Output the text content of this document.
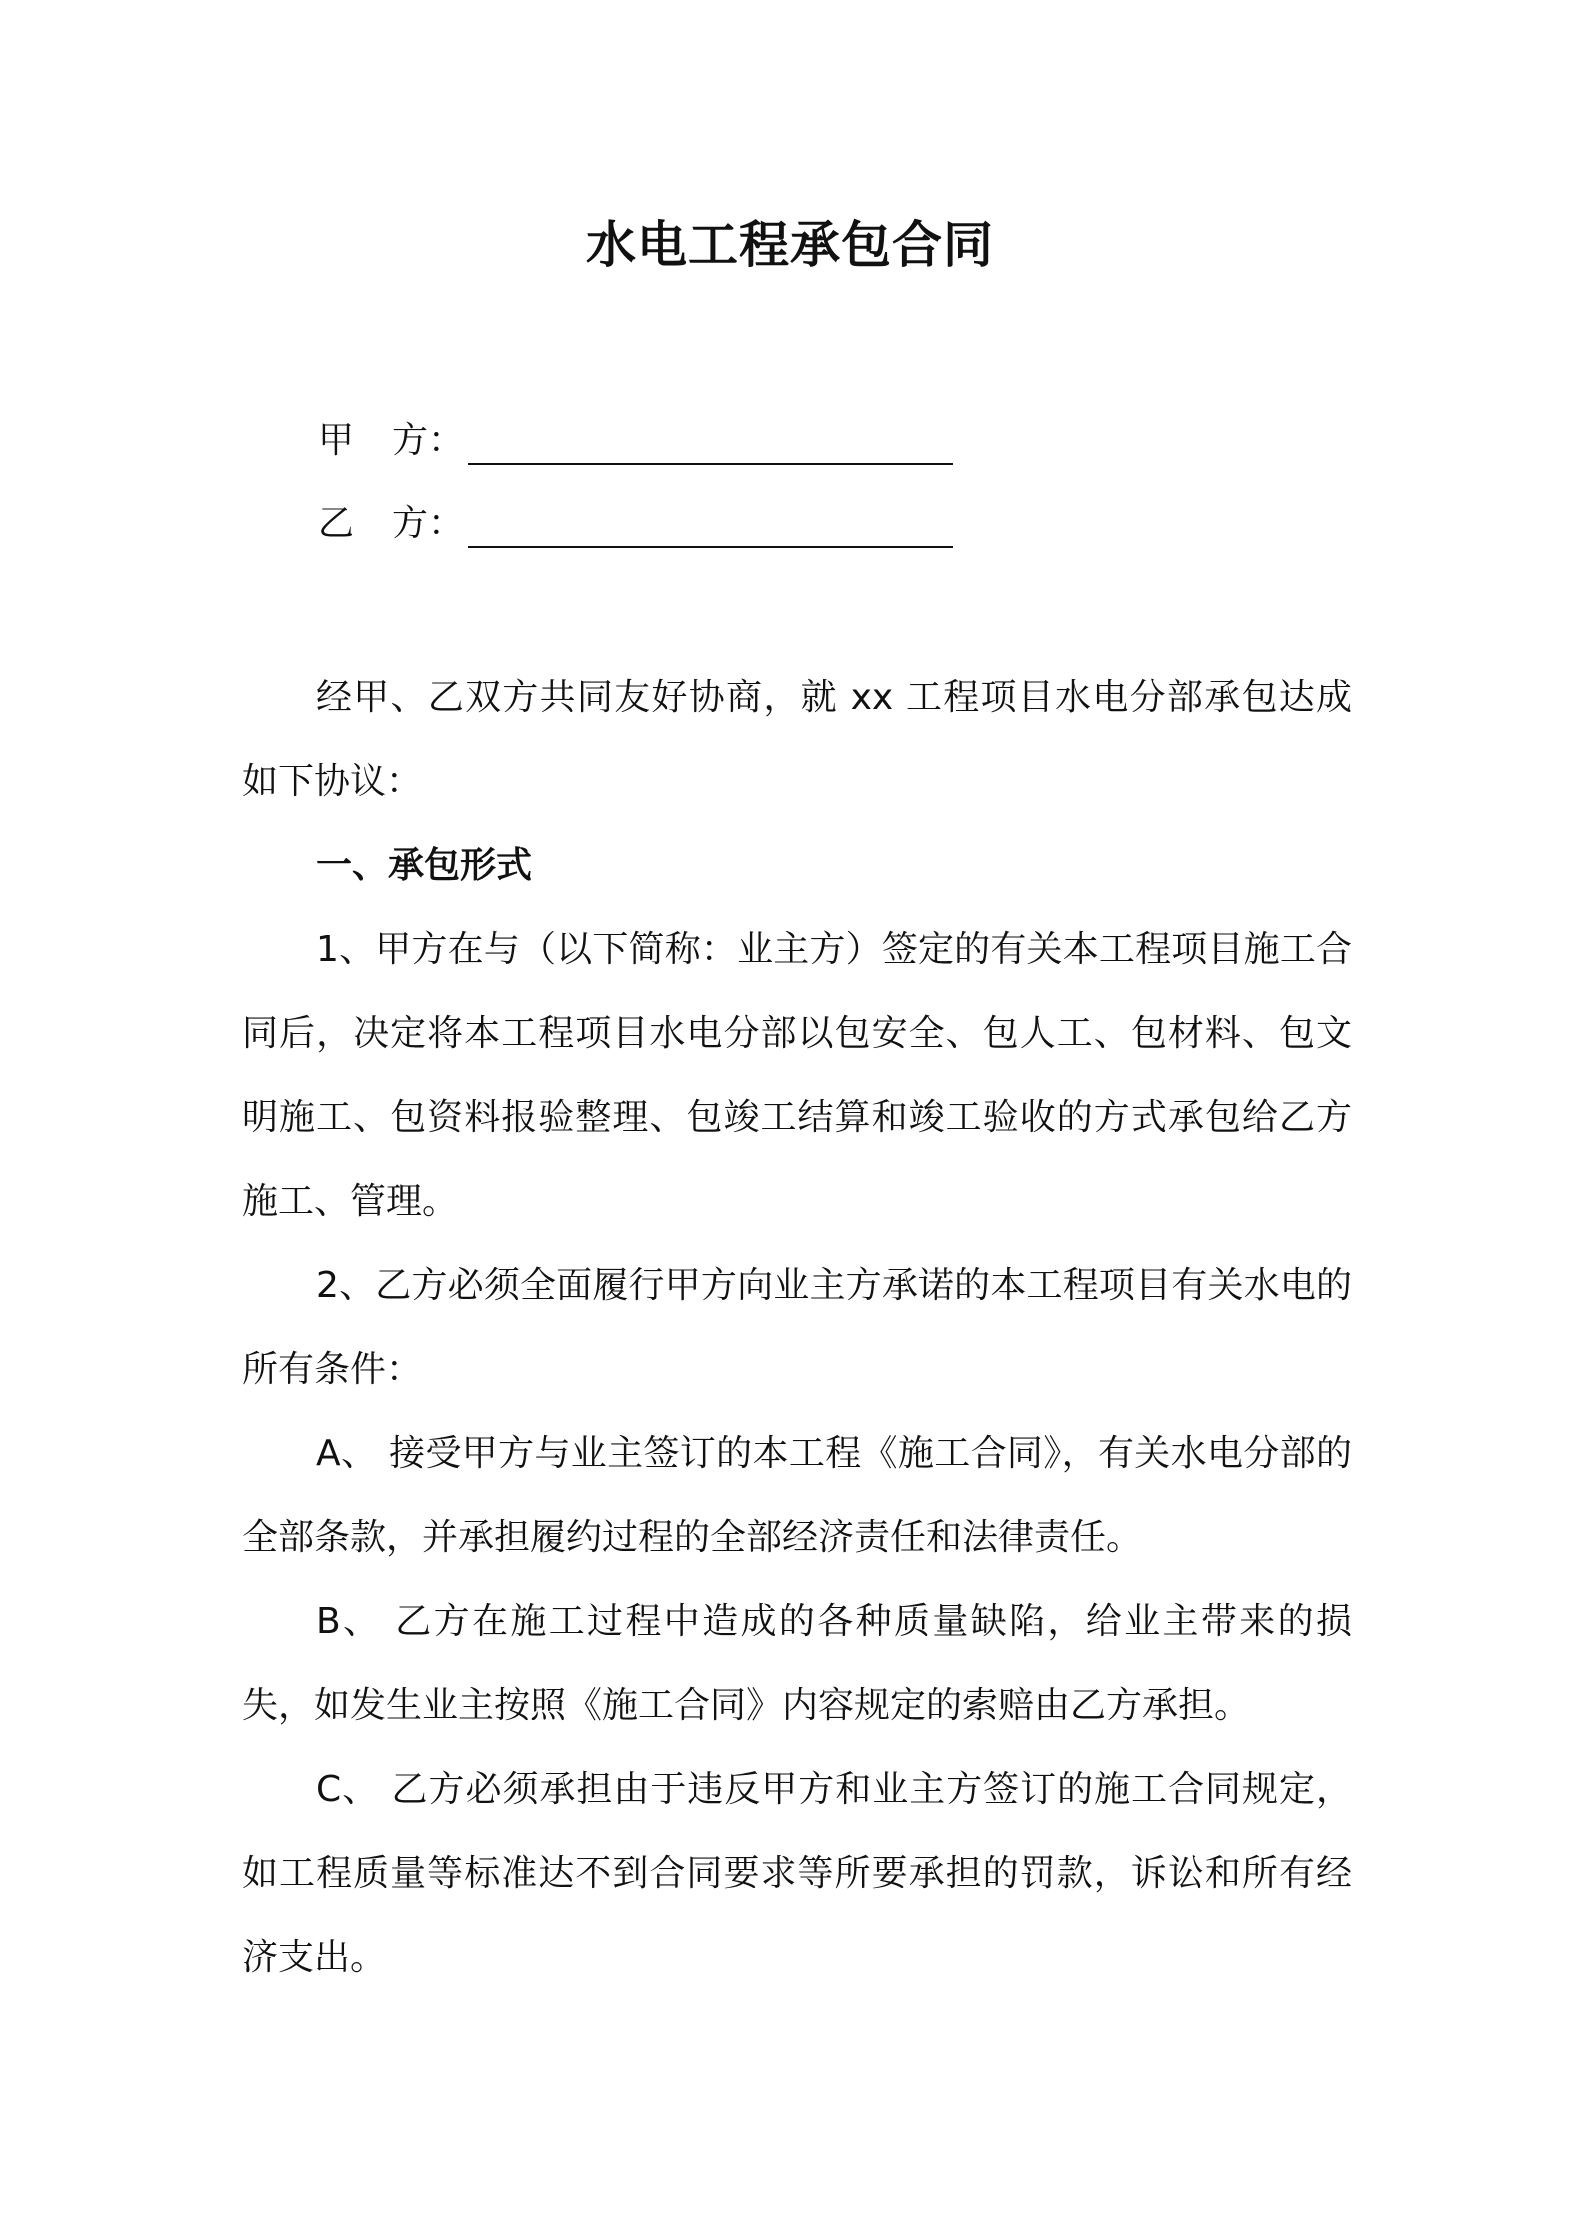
水电工程承包合同
甲 方：
乙 方：

经甲、乙双方共同友好协商，就 xx 工程项目水电分部承包达成如下协议：

一、承包形式

1、甲方在与（以下简称：业主方）签定的有关本工程项目施工合同后，决定将本工程项目水电分部以包安全、包人工、包材料、包文明施工、包资料报验整理、包竣工结算和竣工验收的方式承包给乙方施工、管理。

2、乙方必须全面履行甲方向业主方承诺的本工程项目有关水电的所有条件：

A、 接受甲方与业主签订的本工程《施工合同》，有关水电分部的全部条款，并承担履约过程的全部经济责任和法律责任。

B、 乙方在施工过程中造成的各种质量缺陷，给业主带来的损失，如发生业主按照《施工合同》内容规定的索赔由乙方承担。

C、 乙方必须承担由于违反甲方和业主方签订的施工合同规定，如工程质量等标准达不到合同要求等所要承担的罚款，诉讼和所有经济支出。
